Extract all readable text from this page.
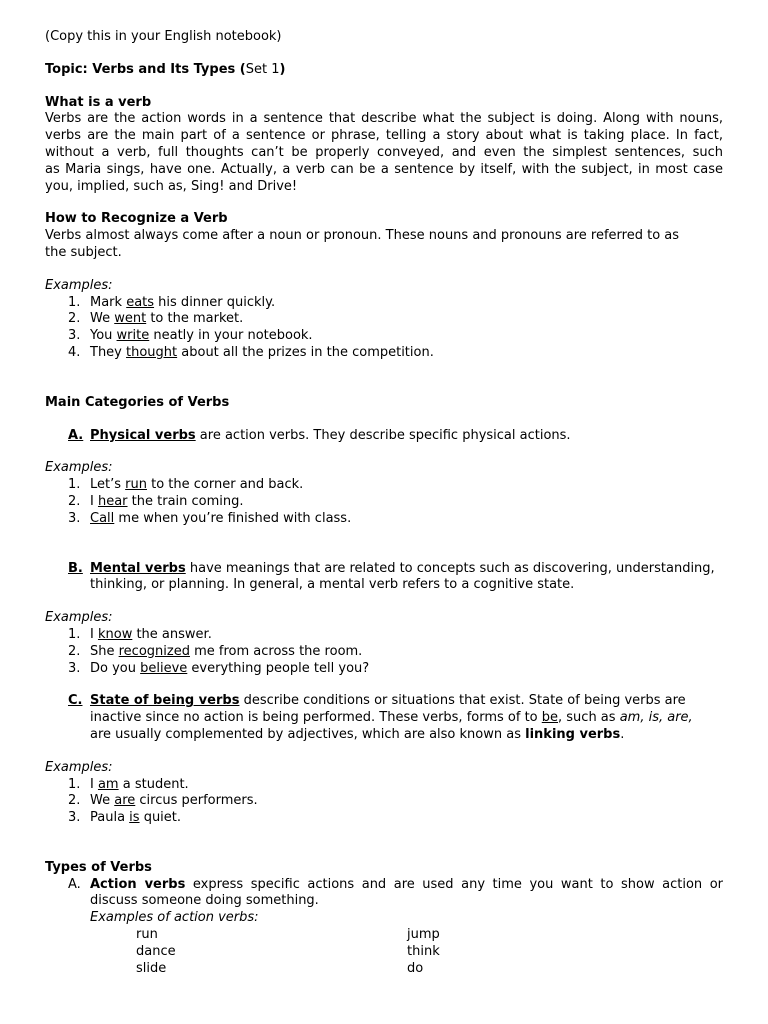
(Copy this in your English notebook)
Topic: Verbs and Its Types (Set 1)
What is a verb
Verbs are the action words in a sentence that describe what the subject is doing. Along with nouns,
verbs are the main part of a sentence or phrase, telling a story about what is taking place. In fact,
without a verb, full thoughts can’t be properly conveyed, and even the simplest sentences, such
as Maria sings, have one. Actually, a verb can be a sentence by itself, with the subject, in most case
you, implied, such as, Sing! and Drive!
How to Recognize a Verb
Verbs almost always come after a noun or pronoun. These nouns and pronouns are referred to as
the subject.
Examples:
1. Mark eats his dinner quickly.
2. We went to the market.
3. You write neatly in your notebook.
4. They thought about all the prizes in the competition.
Main Categories of Verbs
A. Physical verbs are action verbs. They describe specific physical actions.
Examples:
1. Let’s run to the corner and back.
2. I hear the train coming.
3. Call me when you’re finished with class.
B. Mental verbs have meanings that are related to concepts such as discovering, understanding,
thinking, or planning. In general, a mental verb refers to a cognitive state.
Examples:
1. I know the answer.
2. She recognized me from across the room.
3. Do you believe everything people tell you?
C. State of being verbs describe conditions or situations that exist. State of being verbs are
inactive since no action is being performed. These verbs, forms of to be, such as am, is, are,
are usually complemented by adjectives, which are also known as linking verbs.
Examples:
1. I am a student.
2. We are circus performers.
3. Paula is quiet.
Types of Verbs
A. Action verbs express specific actions and are used any time you want to show action or
discuss someone doing something.
Examples of action verbs:
run	jump
dance	think
slide	do
